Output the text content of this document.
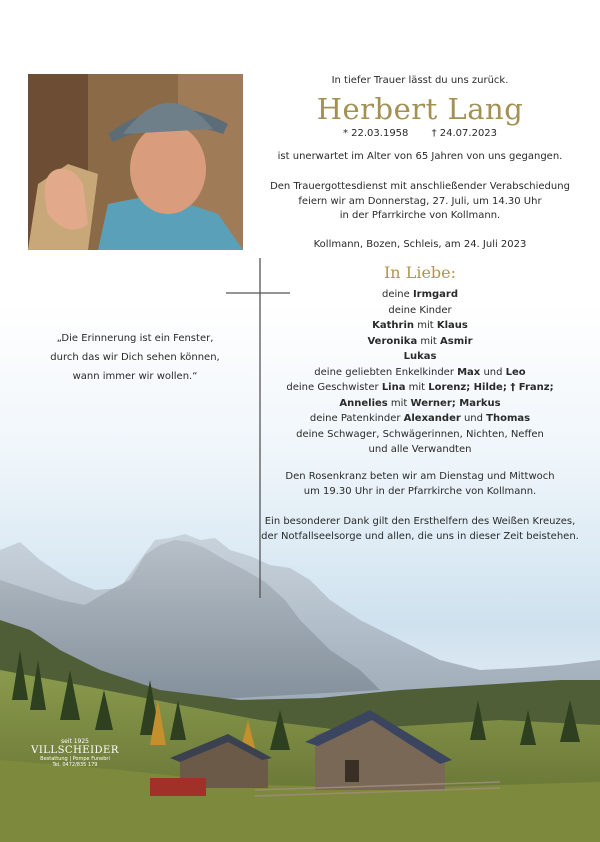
In tiefer Trauer lässt du uns zurück.
Herbert Lang
* 22.03.1958 † 24.07.2023
ist unerwartet im Alter von 65 Jahren von uns gegangen.
Den Trauergottesdienst mit anschließender Verabschiedung
feiern wir am Donnerstag, 27. Juli, um 14.30 Uhr
in der Pfarrkirche von Kollmann.
Kollmann, Bozen, Schleis, am 24. Juli 2023
In Liebe:
deine Irmgard
deine Kinder
Kathrin mit Klaus
Veronika mit Asmir
Lukas
deine geliebten Enkelkinder Max und Leo
deine Geschwister Lina mit Lorenz; Hilde; † Franz;
Annelies mit Werner; Markus
deine Patenkinder Alexander und Thomas
deine Schwager, Schwägerinnen, Nichten, Neffen
und alle Verwandten
Den Rosenkranz beten wir am Dienstag und Mittwoch
um 19.30 Uhr in der Pfarrkirche von Kollmann.
Ein besonderer Dank gilt den Ersthelfern des Weißen Kreuzes,
der Notfallseelsorge und allen, die uns in dieser Zeit beistehen.
„Die Erinnerung ist ein Fenster,
durch das wir Dich sehen können,
wann immer wir wollen.“
seit 1925
VILLSCHEIDER
Bestattung | Pompe Funebri
Tel. 0472/835 179
